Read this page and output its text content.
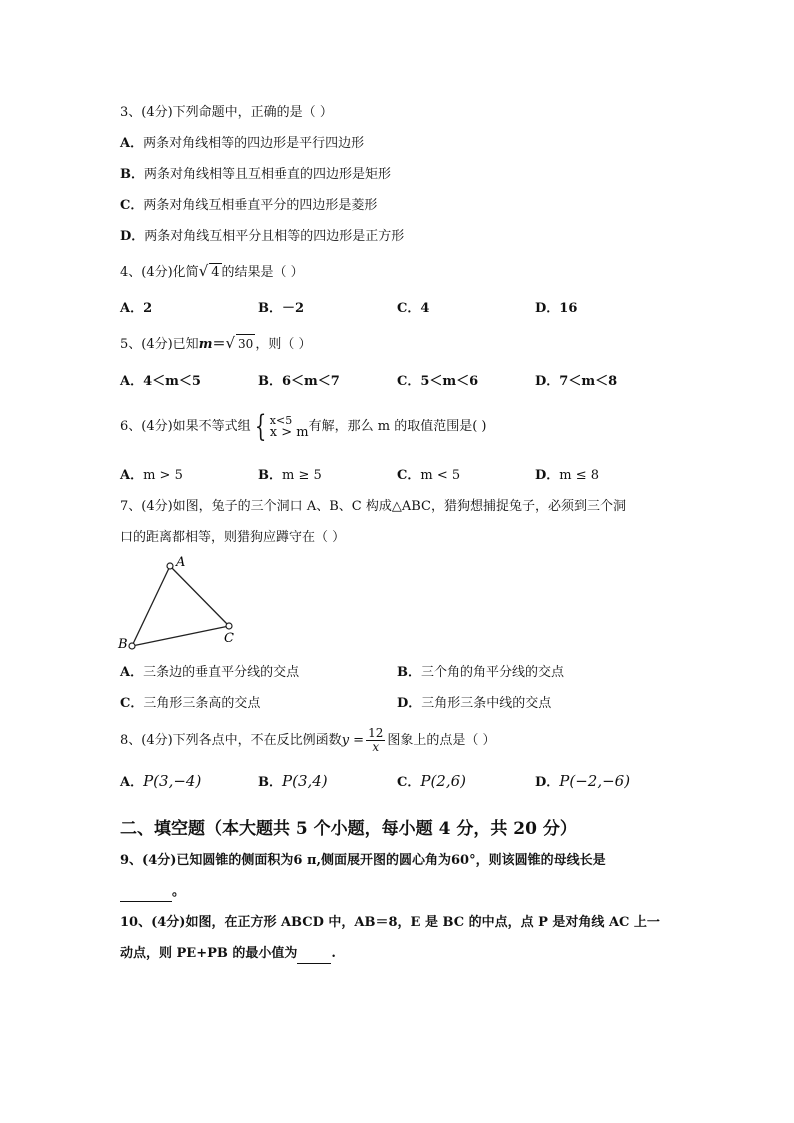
3、(4分)下列命题中，正确的是（ ）
A．两条对角线相等的四边形是平行四边形
B．两条对角线相等且互相垂直的四边形是矩形
C．两条对角线互相垂直平分的四边形是菱形
D．两条对角线互相平分且相等的四边形是正方形
4、(4分)化简√ 4 的结果是（ ）
A．2	B．－2	C．4	D．16
5、(4分)已知m＝√ 30 ，则（ ）
A．4＜m＜5	B．6＜m＜7	C．5＜m＜6	D．7＜m＜8
6、(4分)如果不等式组 { x<5
x > m 有解，那么 m 的取值范围是( )
A．m > 5	B．m ≥ 5	C．m < 5	D．m ≤ 8
7、(4分)如图，兔子的三个洞口 A、B、C 构成△ABC，猎狗想捕捉兔子，必须到三个洞
口的距离都相等，则猎狗应蹲守在（ ）
A
B	C
A．三条边的垂直平分线的交点	B．三个角的角平分线的交点
C．三角形三条高的交点	D．三角形三条中线的交点
8、(4分)下列各点中，不在反比例函数$y = \frac{12}{x}$ 图象上的点是（ ）
A．P(3,−4)	B．P(3,4)	C．P(2,6)	D．P(−2,−6)
二、填空题（本大题共 5 个小题，每小题 4 分，共 20 分）
9、(4分)已知圆锥的侧面积为6 π,侧面展开图的圆心角为60°，则该圆锥的母线长是
。
10、(4分)如图，在正方形 ABCD 中，AB＝8，E 是 BC 的中点，点 P 是对角线 AC 上一
动点，则 PE+PB 的最小值为	.
